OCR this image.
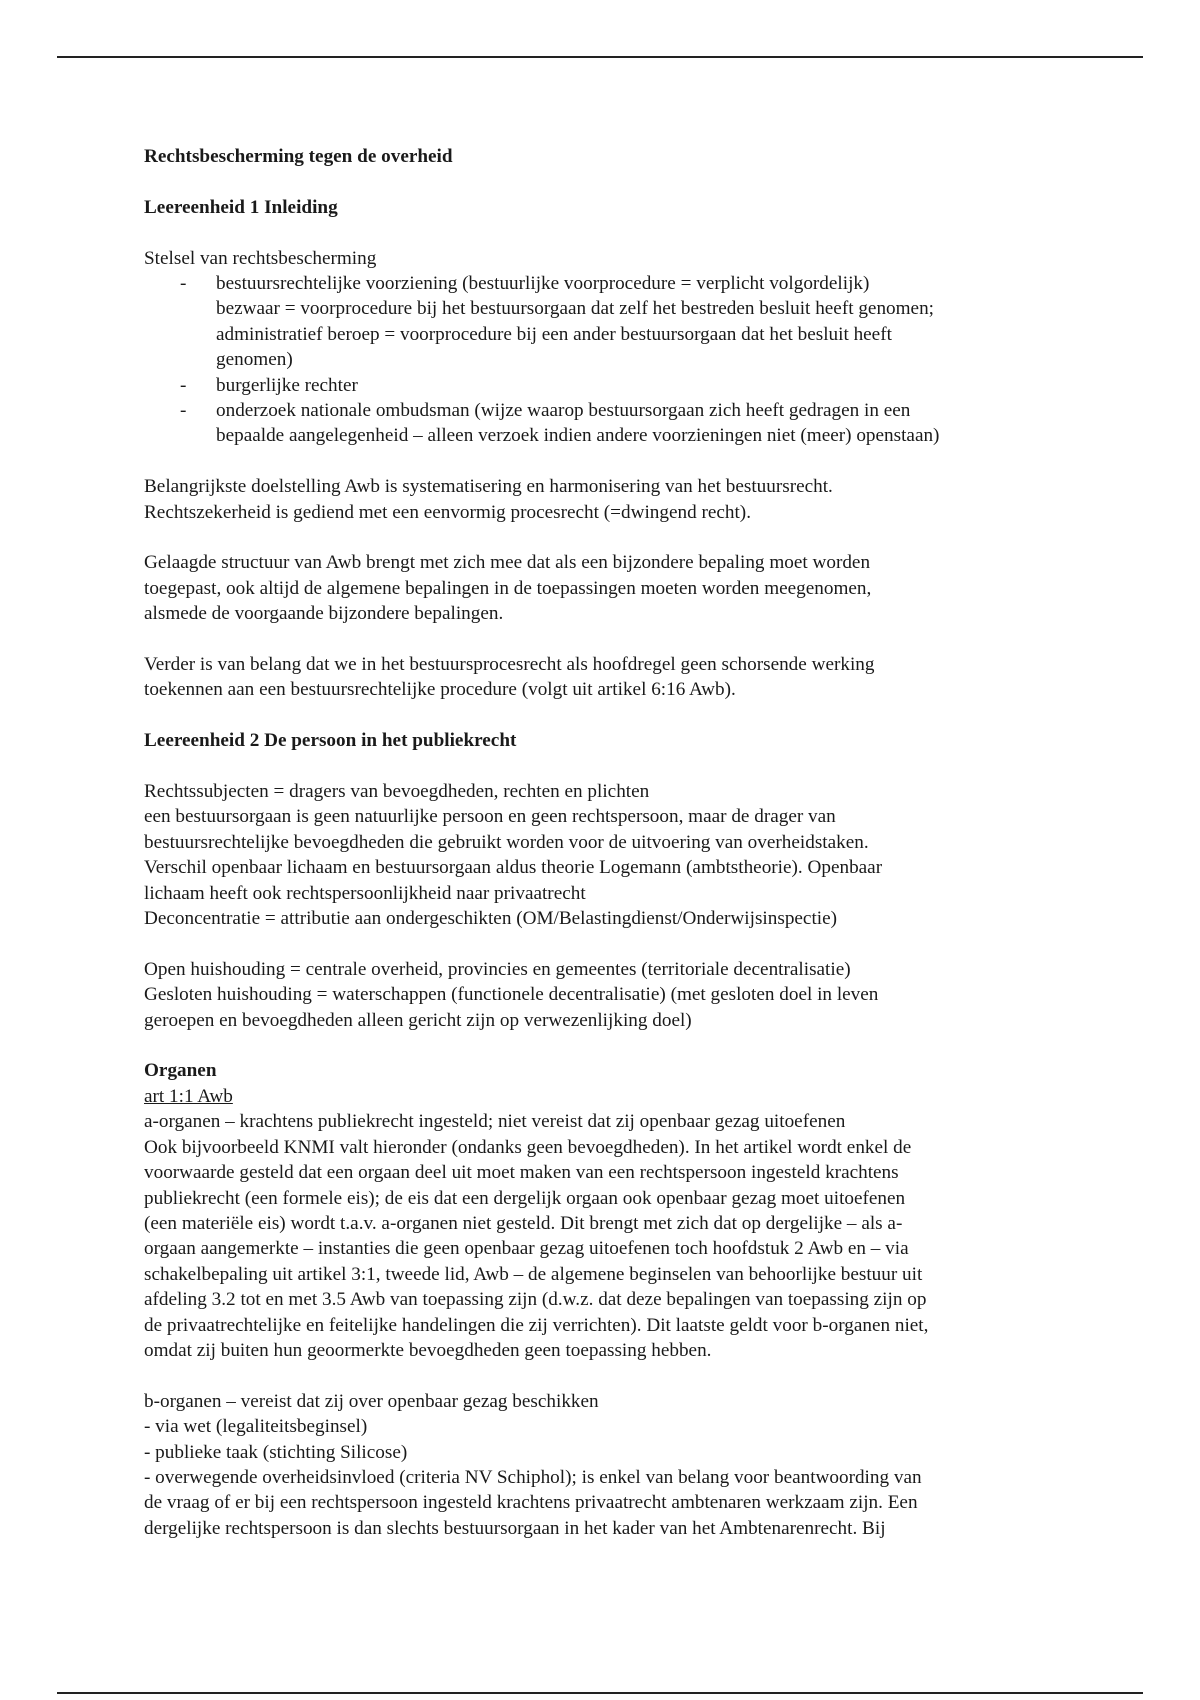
Rechtsbescherming tegen de overheid

Leereenheid 1 Inleiding

Stelsel van rechtsbescherming

- bestuursrechtelijke voorziening (bestuurlijke voorprocedure = verplicht volgordelijk)
bezwaar = voorprocedure bij het bestuursorgaan dat zelf het bestreden besluit heeft genomen;
administratief beroep = voorprocedure bij een ander bestuursorgaan dat het besluit heeft
genomen)
- burgerlijke rechter
- onderzoek nationale ombudsman (wijze waarop bestuursorgaan zich heeft gedragen in een
bepaalde aangelegenheid – alleen verzoek indien andere voorzieningen niet (meer) openstaan)

Belangrijkste doelstelling Awb is systematisering en harmonisering van het bestuursrecht.

Rechtszekerheid is gediend met een eenvormig procesrecht (=dwingend recht).

Gelaagde structuur van Awb brengt met zich mee dat als een bijzondere bepaling moet worden

toegepast, ook altijd de algemene bepalingen in de toepassingen moeten worden meegenomen,

alsmede de voorgaande bijzondere bepalingen.

Verder is van belang dat we in het bestuursprocesrecht als hoofdregel geen schorsende werking

toekennen aan een bestuursrechtelijke procedure (volgt uit artikel 6:16 Awb).

Leereenheid 2 De persoon in het publiekrecht

Rechtssubjecten = dragers van bevoegdheden, rechten en plichten

een bestuursorgaan is geen natuurlijke persoon en geen rechtspersoon, maar de drager van

bestuursrechtelijke bevoegdheden die gebruikt worden voor de uitvoering van overheidstaken.

Verschil openbaar lichaam en bestuursorgaan aldus theorie Logemann (ambtstheorie). Openbaar

lichaam heeft ook rechtspersoonlijkheid naar privaatrecht

Deconcentratie = attributie aan ondergeschikten (OM/Belastingdienst/Onderwijsinspectie)

Open huishouding = centrale overheid, provincies en gemeentes (territoriale decentralisatie)

Gesloten huishouding = waterschappen (functionele decentralisatie) (met gesloten doel in leven

geroepen en bevoegdheden alleen gericht zijn op verwezenlijking doel)

Organen

art 1:1 Awb

a-organen – krachtens publiekrecht ingesteld; niet vereist dat zij openbaar gezag uitoefenen

Ook bijvoorbeeld KNMI valt hieronder (ondanks geen bevoegdheden). In het artikel wordt enkel de

voorwaarde gesteld dat een orgaan deel uit moet maken van een rechtspersoon ingesteld krachtens

publiekrecht (een formele eis); de eis dat een dergelijk orgaan ook openbaar gezag moet uitoefenen

(een materiële eis) wordt t.a.v. a-organen niet gesteld. Dit brengt met zich dat op dergelijke – als a-

orgaan aangemerkte – instanties die geen openbaar gezag uitoefenen toch hoofdstuk 2 Awb en – via

schakelbepaling uit artikel 3:1, tweede lid, Awb – de algemene beginselen van behoorlijke bestuur uit

afdeling 3.2 tot en met 3.5 Awb van toepassing zijn (d.w.z. dat deze bepalingen van toepassing zijn op

de privaatrechtelijke en feitelijke handelingen die zij verrichten). Dit laatste geldt voor b-organen niet,

omdat zij buiten hun geoormerkte bevoegdheden geen toepassing hebben.

b-organen – vereist dat zij over openbaar gezag beschikken

- via wet (legaliteitsbeginsel)

- publieke taak (stichting Silicose)

- overwegende overheidsinvloed (criteria NV Schiphol); is enkel van belang voor beantwoording van

de vraag of er bij een rechtspersoon ingesteld krachtens privaatrecht ambtenaren werkzaam zijn. Een

dergelijke rechtspersoon is dan slechts bestuursorgaan in het kader van het Ambtenarenrecht. Bij
